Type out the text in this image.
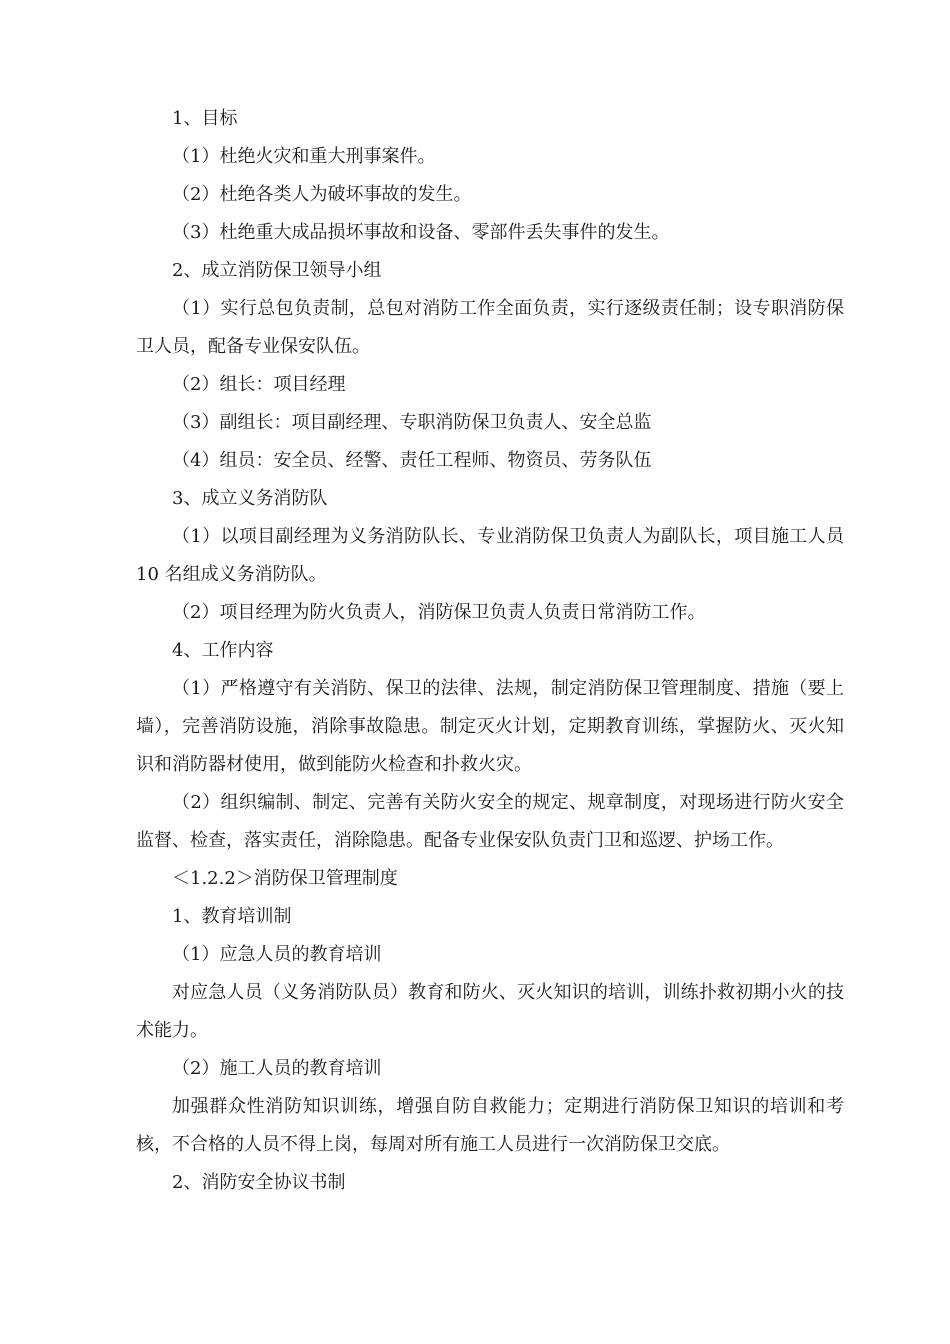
1、目标

（1）杜绝火灾和重大刑事案件。

（2）杜绝各类人为破坏事故的发生。

（3）杜绝重大成品损坏事故和设备、零部件丢失事件的发生。

2、成立消防保卫领导小组

（1）实行总包负责制，总包对消防工作全面负责，实行逐级责任制；设专职消防保卫人员，配备专业保安队伍。

（2）组长：项目经理

（3）副组长：项目副经理、专职消防保卫负责人、安全总监

（4）组员：安全员、经警、责任工程师、物资员、劳务队伍

3、成立义务消防队

（1）以项目副经理为义务消防队长、专业消防保卫负责人为副队长，项目施工人员 10 名组成义务消防队。

（2）项目经理为防火负责人，消防保卫负责人负责日常消防工作。

4、工作内容

（1）严格遵守有关消防、保卫的法律、法规，制定消防保卫管理制度、措施（要上墙），完善消防设施，消除事故隐患。制定灭火计划，定期教育训练，掌握防火、灭火知识和消防器材使用，做到能防火检查和扑救火灾。

（2）组织编制、制定、完善有关防火安全的规定、规章制度，对现场进行防火安全监督、检查，落实责任，消除隐患。配备专业保安队负责门卫和巡逻、护场工作。

＜1.2.2＞消防保卫管理制度

1、教育培训制

（1）应急人员的教育培训

对应急人员（义务消防队员）教育和防火、灭火知识的培训，训练扑救初期小火的技术能力。

（2）施工人员的教育培训

加强群众性消防知识训练，增强自防自救能力；定期进行消防保卫知识的培训和考核，不合格的人员不得上岗，每周对所有施工人员进行一次消防保卫交底。

2、消防安全协议书制
